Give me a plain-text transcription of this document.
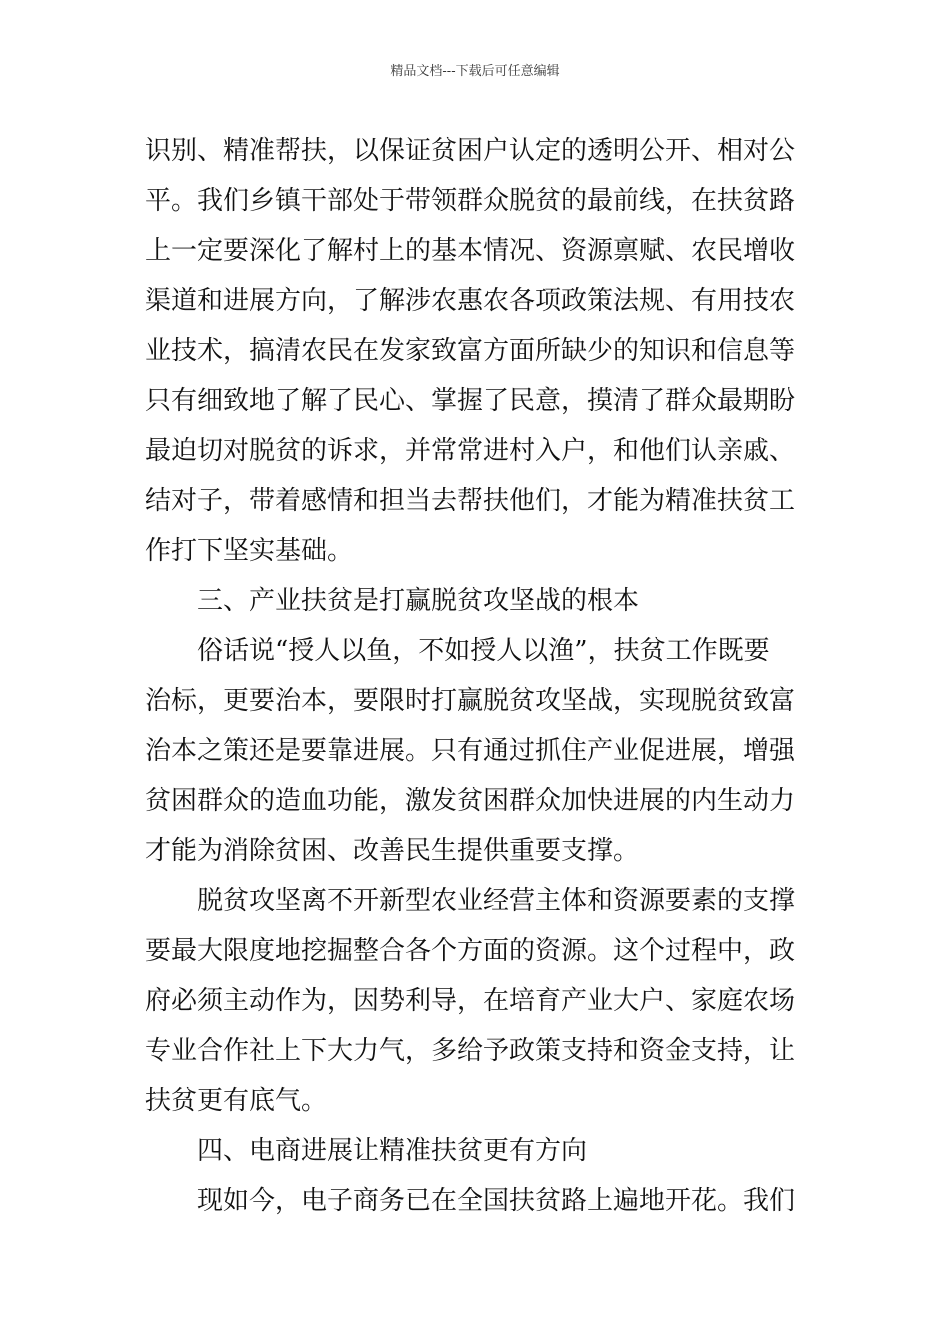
精品文档---下载后可任意编辑
识别、精准帮扶，以保证贫困户认定的透明公开、相对公
平。我们乡镇干部处于带领群众脱贫的最前线，在扶贫路
上一定要深化了解村上的基本情况、资源禀赋、农民增收
渠道和进展方向，了解涉农惠农各项政策法规、有用技农
业技术，搞清农民在发家致富方面所缺少的知识和信息等
只有细致地了解了民心、掌握了民意，摸清了群众最期盼
最迫切对脱贫的诉求，并常常进村入户，和他们认亲戚、
结对子，带着感情和担当去帮扶他们，才能为精准扶贫工
作打下坚实基础。
三、产业扶贫是打赢脱贫攻坚战的根本
俗话说“授人以鱼，不如授人以渔”，扶贫工作既要
治标，更要治本，要限时打赢脱贫攻坚战，实现脱贫致富
治本之策还是要靠进展。只有通过抓住产业促进展，增强
贫困群众的造血功能，激发贫困群众加快进展的内生动力
才能为消除贫困、改善民生提供重要支撑。
脱贫攻坚离不开新型农业经营主体和资源要素的支撑
要最大限度地挖掘整合各个方面的资源。这个过程中，政
府必须主动作为，因势利导，在培育产业大户、家庭农场
专业合作社上下大力气，多给予政策支持和资金支持，让
扶贫更有底气。
四、电商进展让精准扶贫更有方向
现如今，电子商务已在全国扶贫路上遍地开花。我们
